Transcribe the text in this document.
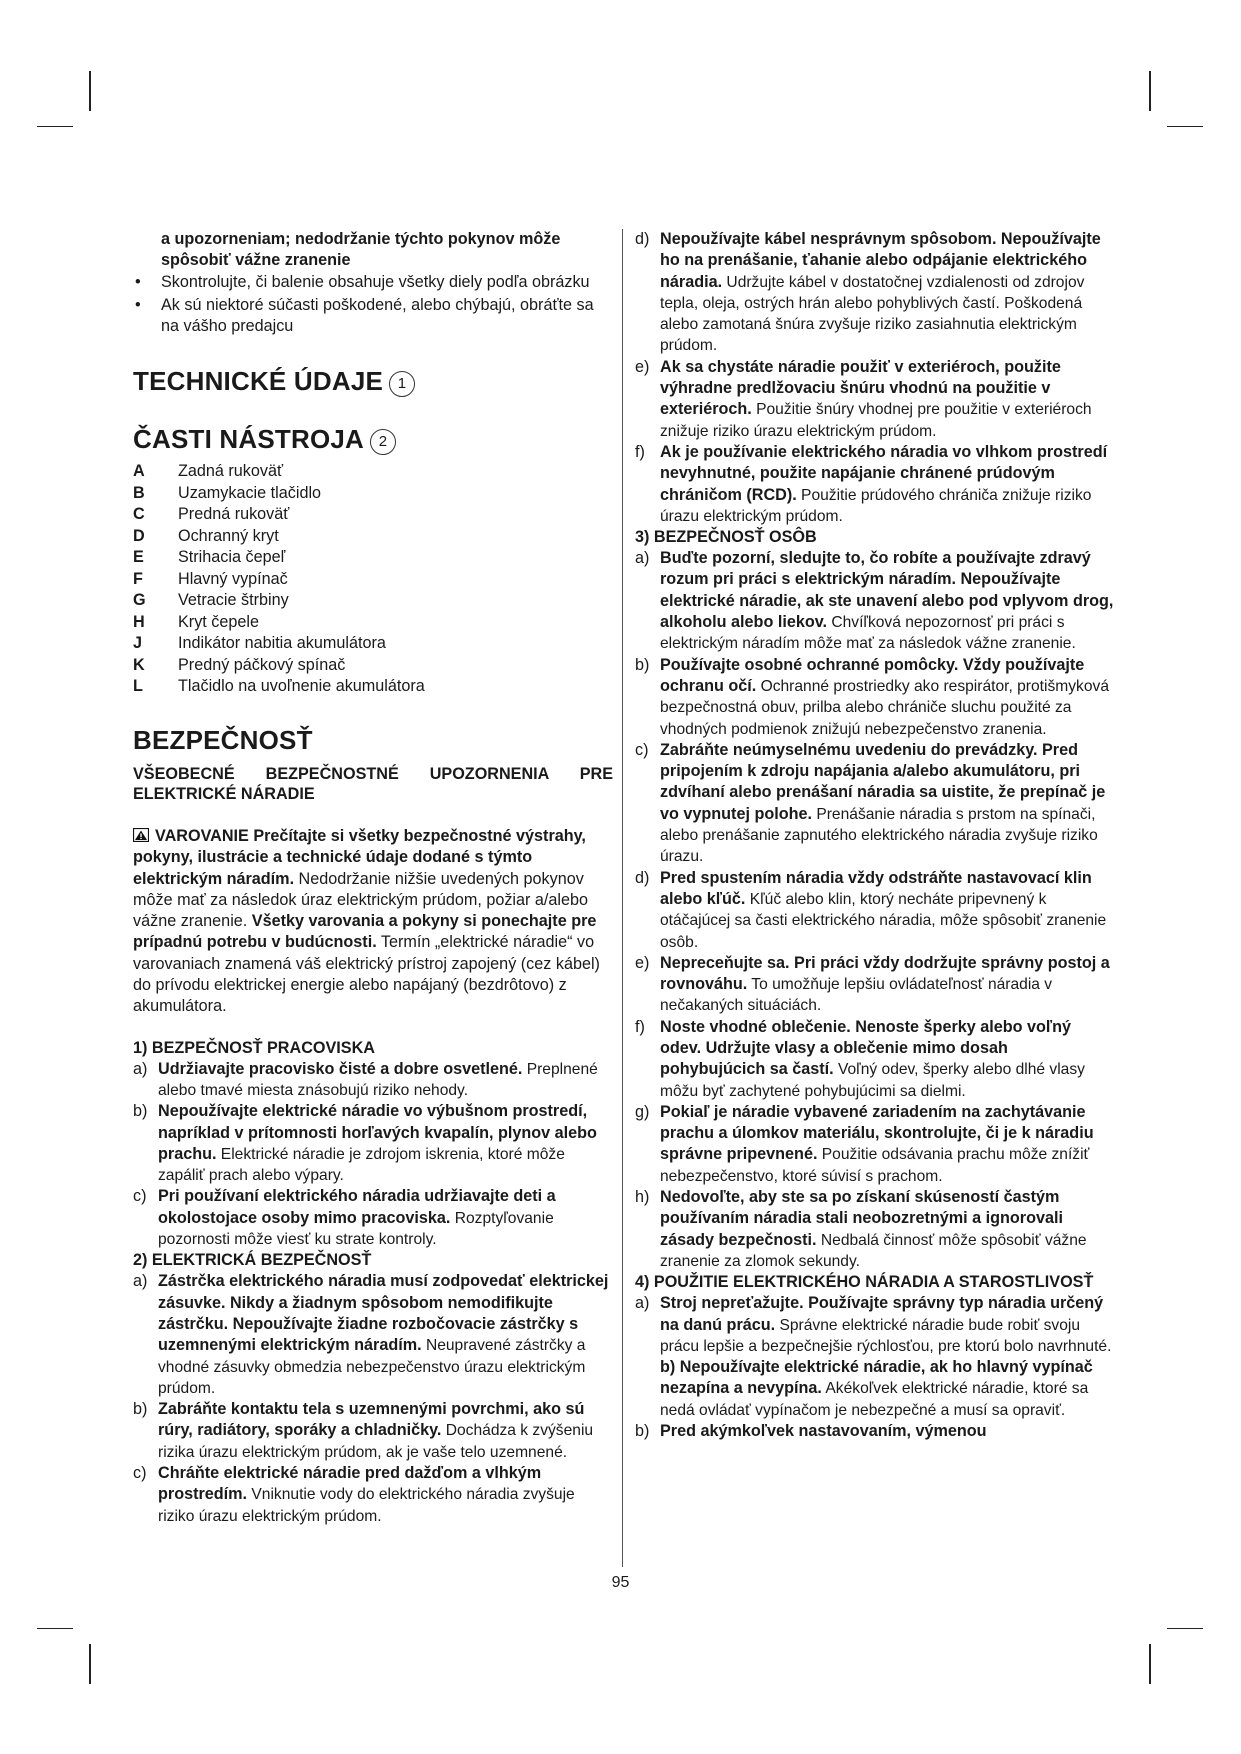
a upozorneniam; nedodržanie týchto pokynov môže spôsobiť vážne zranenie

• Skontrolujte, či balenie obsahuje všetky diely podľa obrázku
• Ak sú niektoré súčasti poškodené, alebo chýbajú, obráťte sa na vášho predajcu
TECHNICKÉ ÚDAJE 1
ČASTI NÁSTROJA 2
A	Zadná rukoväť
B	Uzamykacie tlačidlo
C	Predná rukoväť
D	Ochranný kryt
E	Strihacia čepeľ
F	Hlavný vypínač
G	Vetracie štrbiny
H	Kryt čepele
J	Indikátor nabitia akumulátora
K	Predný páčkový spínač
L	Tlačidlo na uvoľnenie akumulátora
BEZPEČNOSŤ

VŠEOBECNÉ BEZPEČNOSTNÉ UPOZORNENIA PRE ELEKTRICKÉ NÁRADIE

VAROVANIE Prečítajte si všetky bezpečnostné výstrahy, pokyny, ilustrácie a technické údaje dodané s týmto elektrickým náradím. Nedodržanie nižšie uvedených pokynov môže mať za následok úraz elektrickým prúdom, požiar a/alebo vážne zranenie. Všetky varovania a pokyny si ponechajte pre prípadnú potrebu v budúcnosti. Termín „elektrické náradie“ vo varovaniach znamená váš elektrický prístroj zapojený (cez kábel) do prívodu elektrickej energie alebo napájaný (bezdrôtovo) z akumulátora.

1) BEZPEČNOSŤ PRACOVISKA

a) Udržiavajte pracovisko čisté a dobre osvetlené. Preplnené alebo tmavé miesta znásobujú riziko nehody.
b) Nepoužívajte elektrické náradie vo výbušnom prostredí, napríklad v prítomnosti horľavých kvapalín, plynov alebo prachu. Elektrické náradie je zdrojom iskrenia, ktoré môže zapáliť prach alebo výpary.
c) Pri používaní elektrického náradia udržiavajte deti a okolostojace osoby mimo pracoviska. Rozptyľovanie pozornosti môže viesť ku strate kontroly.

2) ELEKTRICKÁ BEZPEČNOSŤ

a) Zástrčka elektrického náradia musí zodpovedať elektrickej zásuvke. Nikdy a žiadnym spôsobom nemodifikujte zástrčku. Nepoužívajte žiadne rozbočovacie zástrčky s uzemnenými elektrickým náradím. Neupravené zástrčky a vhodné zásuvky obmedzia nebezpečenstvo úrazu elektrickým prúdom.
b) Zabráňte kontaktu tela s uzemnenými povrchmi, ako sú rúry, radiátory, sporáky a chladničky. Dochádza k zvýšeniu rizika úrazu elektrickým prúdom, ak je vaše telo uzemnené.
c) Chráňte elektrické náradie pred dažďom a vlhkým prostredím. Vniknutie vody do elektrického náradia zvyšuje riziko úrazu elektrickým prúdom.
d) Nepoužívajte kábel nesprávnym spôsobom. Nepoužívajte ho na prenášanie, ťahanie alebo odpájanie elektrického náradia. Udržujte kábel v dostatočnej vzdialenosti od zdrojov tepla, oleja, ostrých hrán alebo pohyblivých častí. Poškodená alebo zamotaná šnúra zvyšuje riziko zasiahnutia elektrickým prúdom.
e) Ak sa chystáte náradie použiť v exteriéroch, použite výhradne predlžovaciu šnúru vhodnú na použitie v exteriéroch. Použitie šnúry vhodnej pre použitie v exteriéroch znižuje riziko úrazu elektrickým prúdom.
f) Ak je používanie elektrického náradia vo vlhkom prostredí nevyhnutné, použite napájanie chránené prúdovým chráničom (RCD). Použitie prúdového chrániča znižuje riziko úrazu elektrickým prúdom.

3) BEZPEČNOSŤ OSÔB

a) Buďte pozorní, sledujte to, čo robíte a používajte zdravý rozum pri práci s elektrickým náradím. Nepoužívajte elektrické náradie, ak ste unavení alebo pod vplyvom drog, alkoholu alebo liekov. Chvíľková nepozornosť pri práci s elektrickým náradím môže mať za následok vážne zranenie.
b) Používajte osobné ochranné pomôcky. Vždy používajte ochranu očí. Ochranné prostriedky ako respirátor, protišmyková bezpečnostná obuv, prilba alebo chrániče sluchu použité za vhodných podmienok znižujú nebezpečenstvo zranenia.
c) Zabráňte neúmyselnému uvedeniu do prevádzky. Pred pripojením k zdroju napájania a/alebo akumulátoru, pri zdvíhaní alebo prenášaní náradia sa uistite, že prepínač je vo vypnutej polohe. Prenášanie náradia s prstom na spínači, alebo prenášanie zapnutého elektrického náradia zvyšuje riziko úrazu.
d) Pred spustením náradia vždy odstráňte nastavovací klin alebo kľúč. Kľúč alebo klin, ktorý necháte pripevnený k otáčajúcej sa časti elektrického náradia, môže spôsobiť zranenie osôb.
e) Nepreceňujte sa. Pri práci vždy dodržujte správny postoj a rovnováhu. To umožňuje lepšiu ovládateľnosť náradia v nečakaných situáciách.
f) Noste vhodné oblečenie. Nenoste šperky alebo voľný odev. Udržujte vlasy a oblečenie mimo dosah pohybujúcich sa častí. Voľný odev, šperky alebo dlhé vlasy môžu byť zachytené pohybujúcimi sa dielmi.
g) Pokiaľ je náradie vybavené zariadením na zachytávanie prachu a úlomkov materiálu, skontrolujte, či je k náradiu správne pripevnené. Použitie odsávania prachu môže znížiť nebezpečenstvo, ktoré súvisí s prachom.
h) Nedovoľte, aby ste sa po získaní skúseností častým používaním náradia stali neobozretnými a ignorovali zásady bezpečnosti. Nedbalá činnosť môže spôsobiť vážne zranenie za zlomok sekundy.

4) POUŽITIE ELEKTRICKÉHO NÁRADIA A STAROSTLIVOSŤ

a) Stroj nepreťažujte. Používajte správny typ náradia určený na danú prácu. Správne elektrické náradie bude robiť svoju prácu lepšie a bezpečnejšie rýchlosťou, pre ktorú bolo navrhnuté. b) Nepoužívajte elektrické náradie, ak ho hlavný vypínač nezapína a nevypína. Akékoľvek elektrické náradie, ktoré sa nedá ovládať vypínačom je nebezpečné a musí sa opraviť.
b) Pred akýmkoľvek nastavovaním, výmenou
95
